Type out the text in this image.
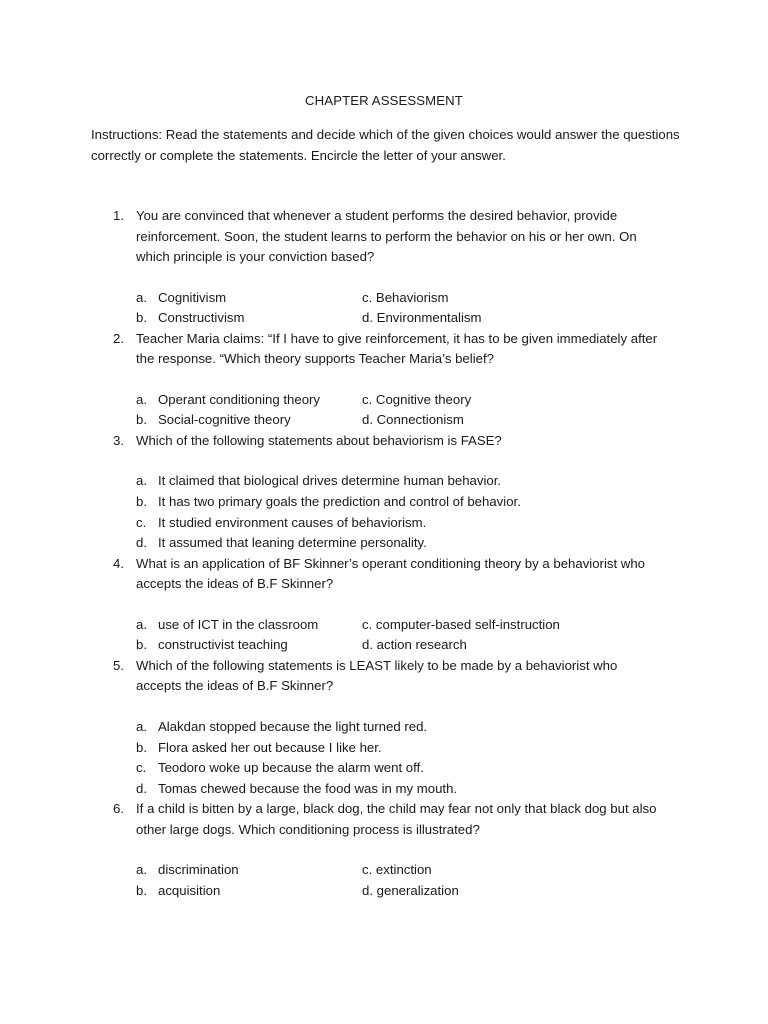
CHAPTER ASSESSMENT
Instructions: Read the statements and decide which of the given choices would answer the questions correctly or complete the statements. Encircle the letter of your answer.
1. You are convinced that whenever a student performs the desired behavior, provide reinforcement. Soon, the student learns to perform the behavior on his or her own. On which principle is your conviction based?
a. Cognitivism	c. Behaviorism
b. Constructivism	d. Environmentalism
2. Teacher Maria claims: “If I have to give reinforcement, it has to be given immediately after the response. “Which theory supports Teacher Maria’s belief?
a. Operant conditioning theory	c. Cognitive theory
b. Social-cognitive theory	d. Connectionism
3. Which of the following statements about behaviorism is FASE?
a. It claimed that biological drives determine human behavior.
b. It has two primary goals the prediction and control of behavior.
c. It studied environment causes of behaviorism.
d. It assumed that leaning determine personality.
4. What is an application of BF Skinner’s operant conditioning theory by a behaviorist who accepts the ideas of B.F Skinner?
a. use of ICT in the classroom	c. computer-based self-instruction
b. constructivist teaching	d. action research
5. Which of the following statements is LEAST likely to be made by a behaviorist who accepts the ideas of B.F Skinner?
a. Alakdan stopped because the light turned red.
b. Flora asked her out because I like her.
c. Teodoro woke up because the alarm went off.
d. Tomas chewed because the food was in my mouth.
6. If a child is bitten by a large, black dog, the child may fear not only that black dog but also other large dogs. Which conditioning process is illustrated?
a. discrimination	c. extinction
b. acquisition	d. generalization
